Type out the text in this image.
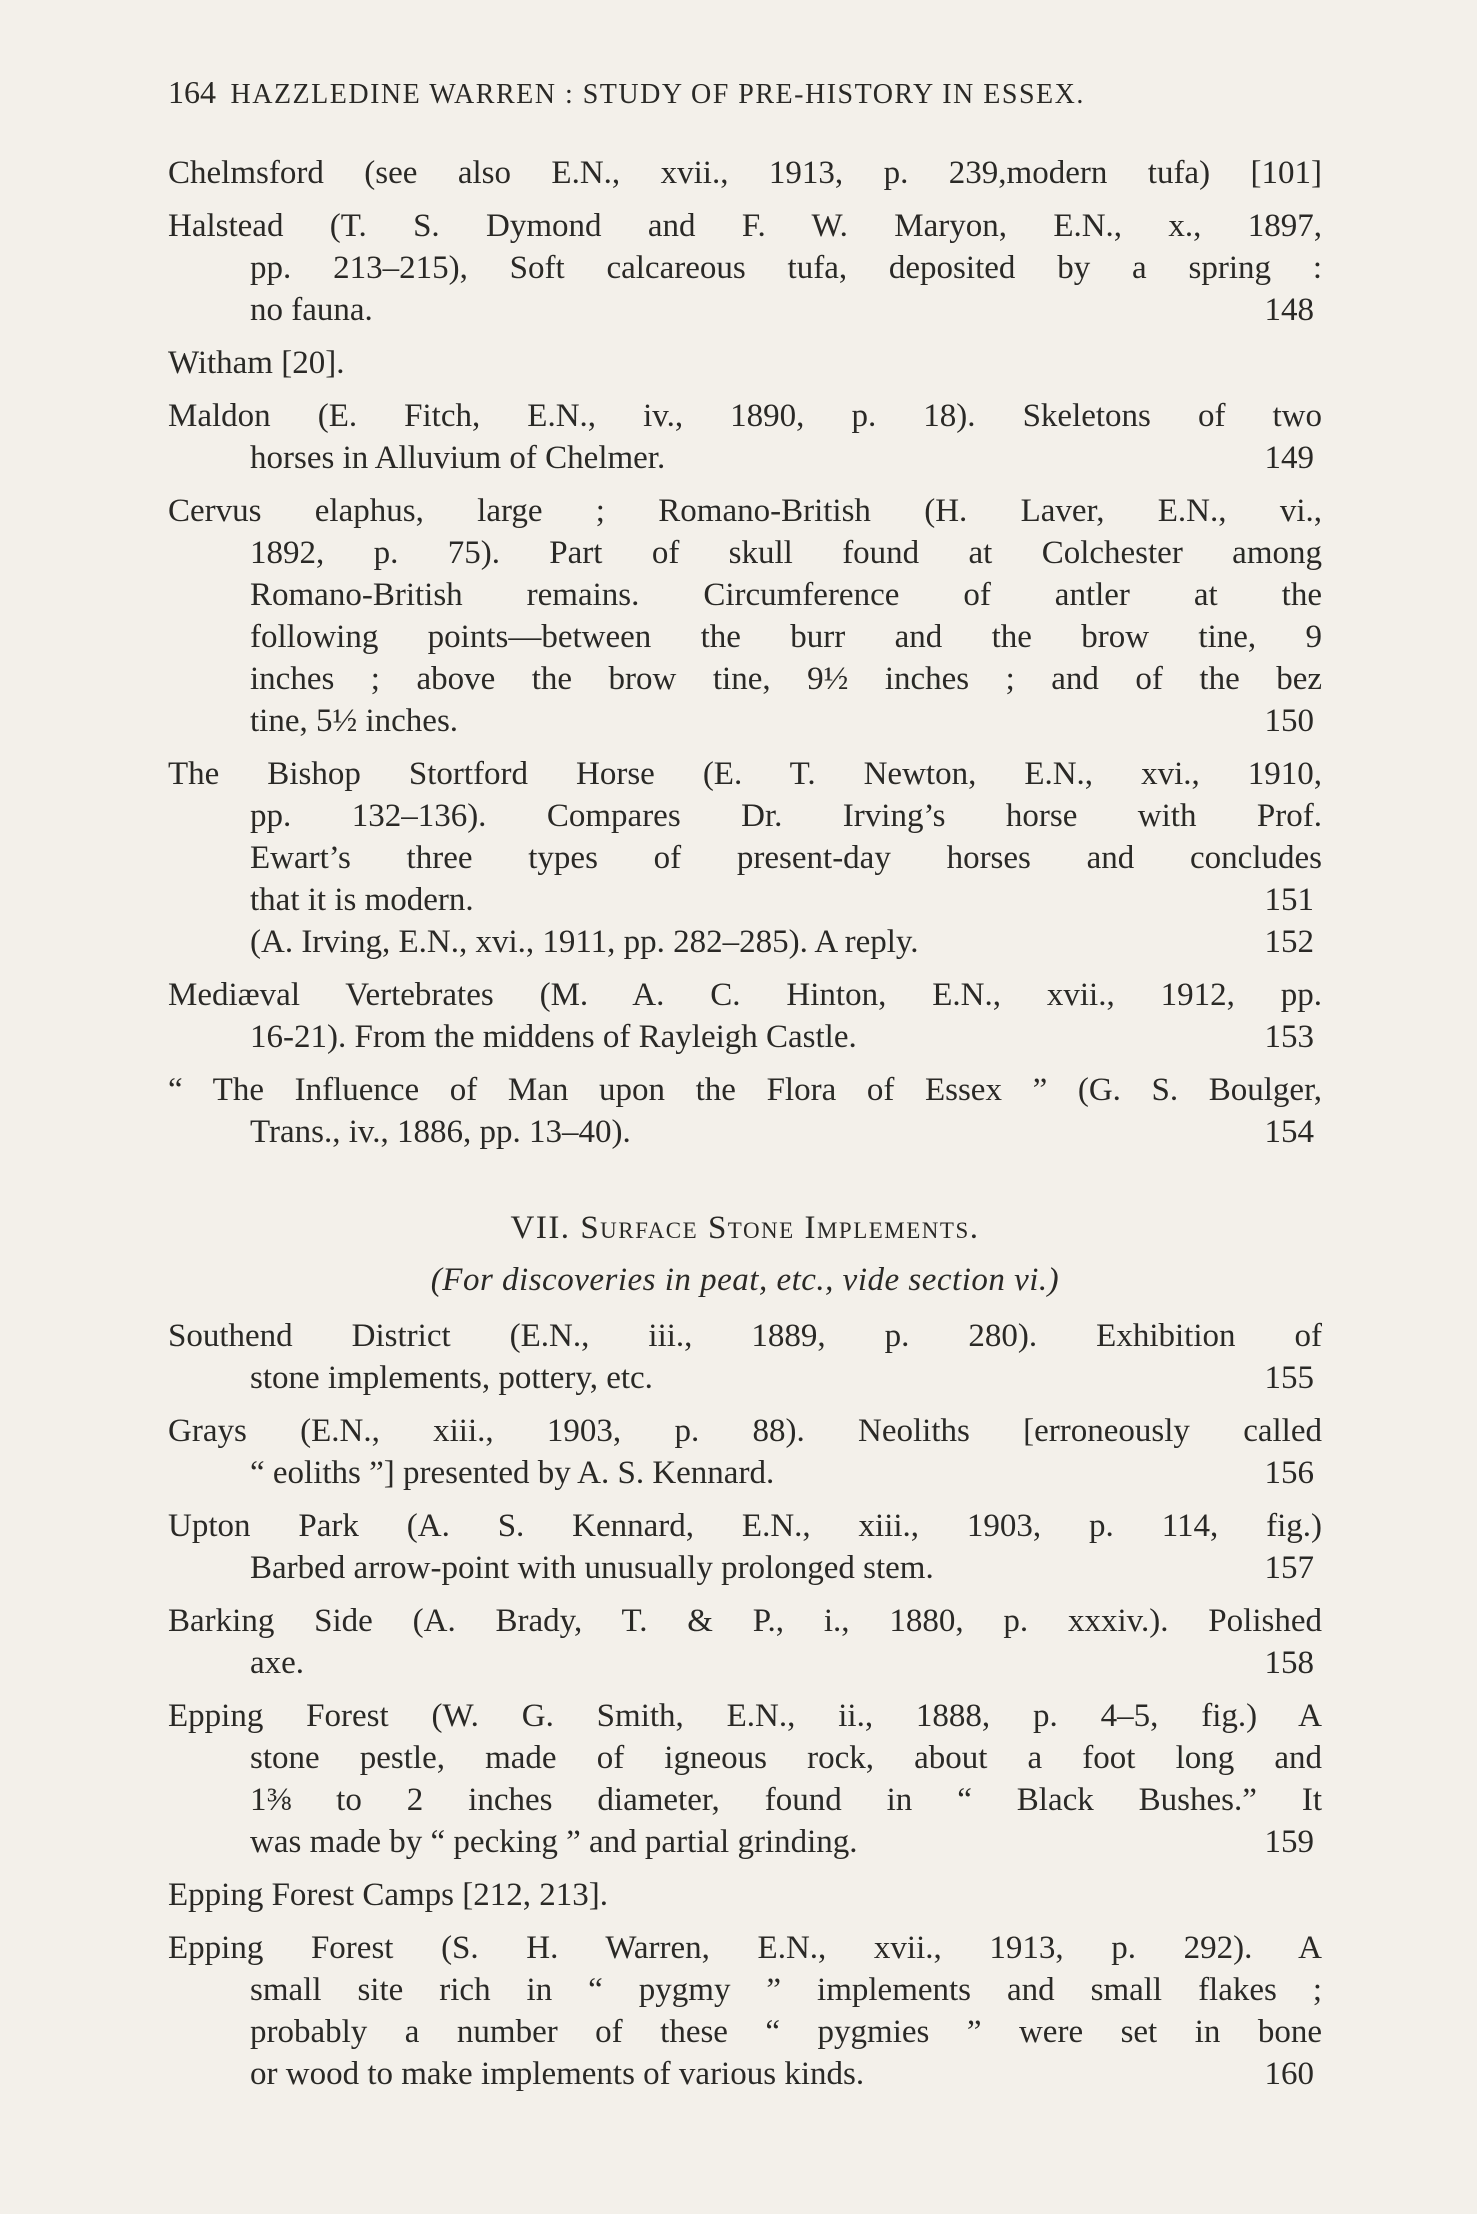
164 HAZZLEDINE WARREN : STUDY OF PRE-HISTORY IN ESSEX.
Chelmsford (see also E.N., xvii., 1913, p. 239,modern tufa) [101]
Halstead (T. S. Dymond and F. W. Maryon, E.N., x., 1897,
pp. 213–215), Soft calcareous tufa, deposited by a spring :
no fauna.	148
Witham [20].
Maldon (E. Fitch, E.N., iv., 1890, p. 18). Skeletons of two
horses in Alluvium of Chelmer.	149
Cervus elaphus, large ; Romano-British (H. Laver, E.N., vi.,
1892, p. 75). Part of skull found at Colchester among
Romano-British remains. Circumference of antler at the
following points—between the burr and the brow tine, 9
inches ; above the brow tine, 9½ inches ; and of the bez
tine, 5½ inches.	150
The Bishop Stortford Horse (E. T. Newton, E.N., xvi., 1910,
pp. 132–136). Compares Dr. Irving’s horse with Prof.
Ewart’s three types of present-day horses and concludes
that it is modern.	151
(A. Irving, E.N., xvi., 1911, pp. 282–285). A reply.	152
Mediæval Vertebrates (M. A. C. Hinton, E.N., xvii., 1912, pp.
16-21). From the middens of Rayleigh Castle.	153
“ The Influence of Man upon the Flora of Essex ” (G. S. Boulger,
Trans., iv., 1886, pp. 13–40).	154
VII. Surface Stone Implements.
(For discoveries in peat, etc., vide section vi.)
Southend District (E.N., iii., 1889, p. 280). Exhibition of
stone implements, pottery, etc.	155
Grays (E.N., xiii., 1903, p. 88). Neoliths [erroneously called
“ eoliths ”] presented by A. S. Kennard.	156
Upton Park (A. S. Kennard, E.N., xiii., 1903, p. 114, fig.)
Barbed arrow-point with unusually prolonged stem.	157
Barking Side (A. Brady, T. & P., i., 1880, p. xxxiv.). Polished
axe.	158
Epping Forest (W. G. Smith, E.N., ii., 1888, p. 4–5, fig.) A
stone pestle, made of igneous rock, about a foot long and
1⅜ to 2 inches diameter, found in “ Black Bushes.” It
was made by “ pecking ” and partial grinding.	159
Epping Forest Camps [212, 213].
Epping Forest (S. H. Warren, E.N., xvii., 1913, p. 292). A
small site rich in “ pygmy ” implements and small flakes ;
probably a number of these “ pygmies ” were set in bone
or wood to make implements of various kinds.	160
